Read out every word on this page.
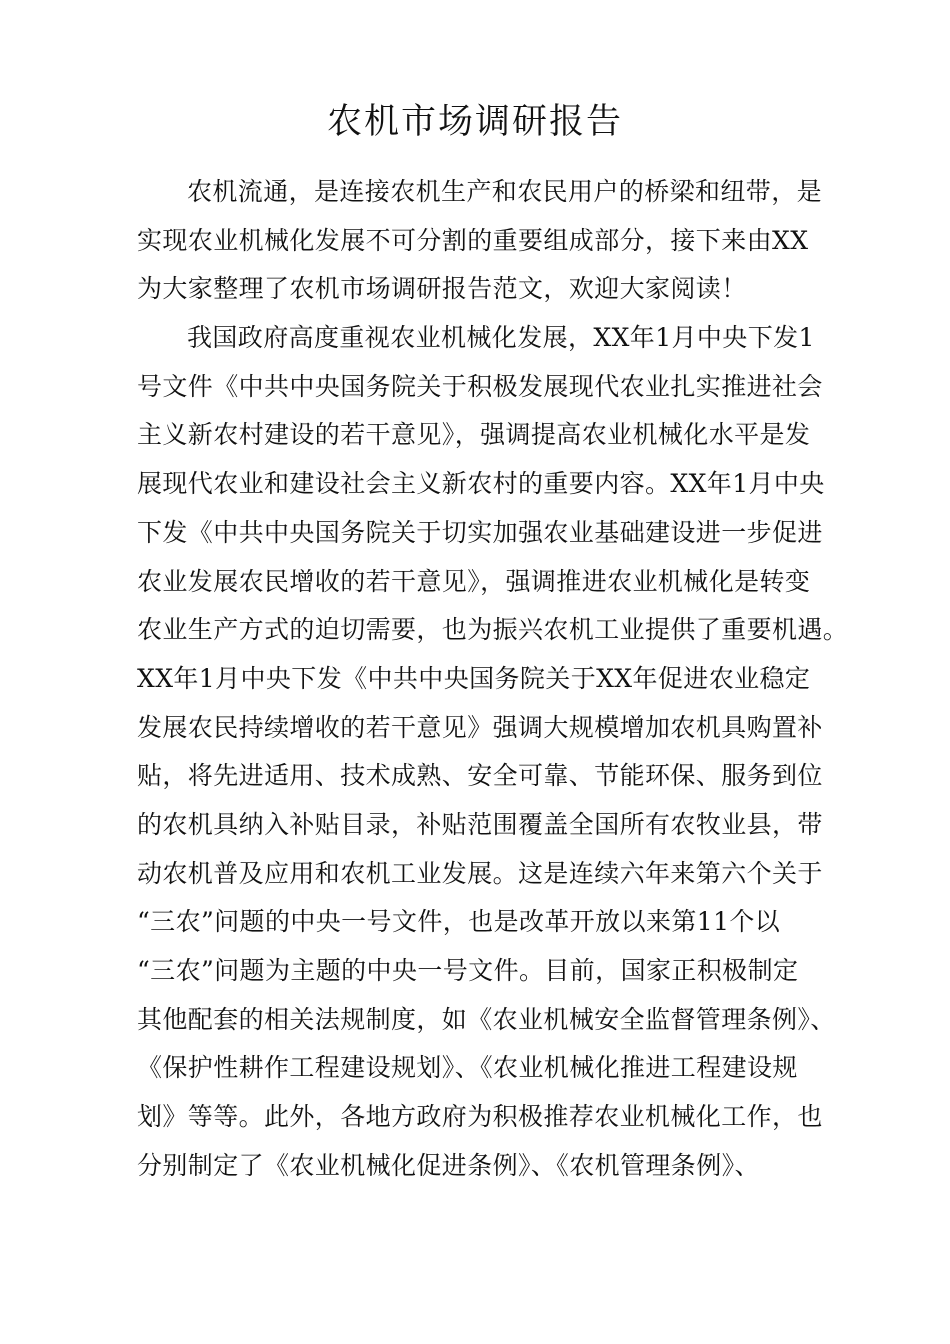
农机市场调研报告
农机流通，是连接农机生产和农民用户的桥梁和纽带，是
实现农业机械化发展不可分割的重要组成部分，接下来由XX
为大家整理了农机市场调研报告范文，欢迎大家阅读！
我国政府高度重视农业机械化发展，XX年1月中央下发1
号文件《中共中央国务院关于积极发展现代农业扎实推进社会
主义新农村建设的若干意见》，强调提高农业机械化水平是发
展现代农业和建设社会主义新农村的重要内容。XX年1月中央
下发《中共中央国务院关于切实加强农业基础建设进一步促进
农业发展农民增收的若干意见》，强调推进农业机械化是转变
农业生产方式的迫切需要，也为振兴农机工业提供了重要机遇。
XX年1月中央下发《中共中央国务院关于XX年促进农业稳定
发展农民持续增收的若干意见》强调大规模增加农机具购置补
贴，将先进适用、技术成熟、安全可靠、节能环保、服务到位
的农机具纳入补贴目录，补贴范围覆盖全国所有农牧业县，带
动农机普及应用和农机工业发展。这是连续六年来第六个关于
“三农”问题的中央一号文件，也是改革开放以来第11个以
“三农”问题为主题的中央一号文件。目前，国家正积极制定
其他配套的相关法规制度，如《农业机械安全监督管理条例》、
《保护性耕作工程建设规划》、《农业机械化推进工程建设规
划》等等。此外，各地方政府为积极推荐农业机械化工作，也
分别制定了《农业机械化促进条例》、《农机管理条例》、
